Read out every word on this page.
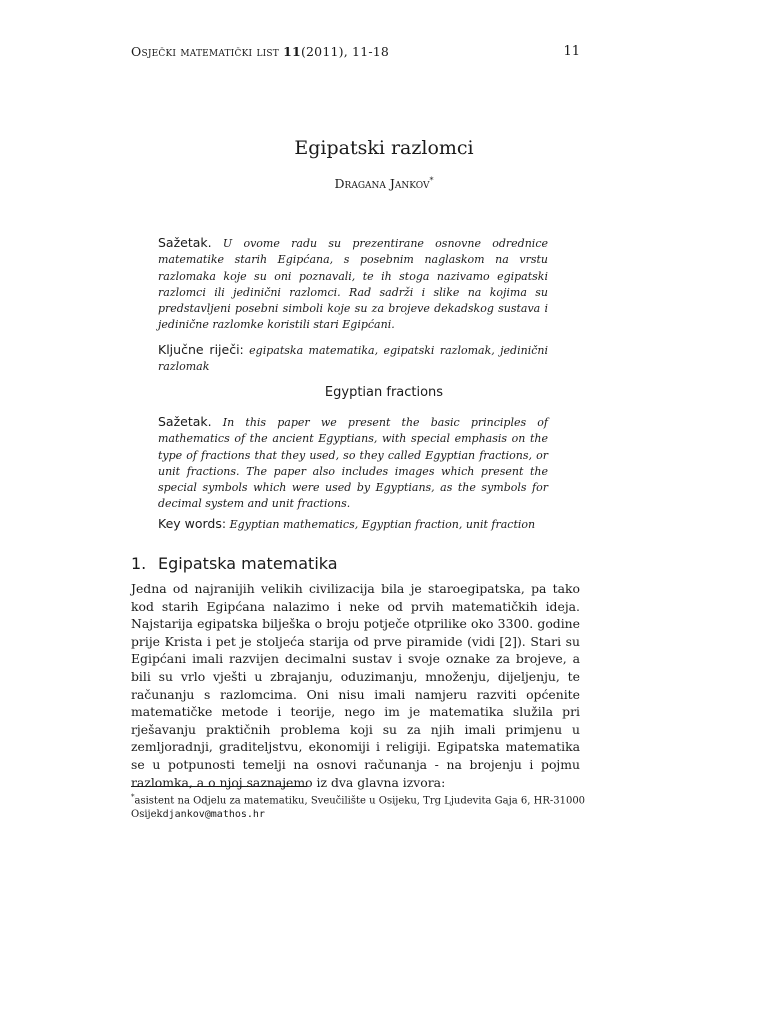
Osječki matematički list 11(2011), 11-18	11
Egipatski razlomci
Dragana Jankov*
Sažetak. U ovome radu su prezentirane osnovne odrednice matematike starih Egipćana, s posebnim naglaskom na vrstu razlomaka koje su oni poznavali, te ih stoga nazivamo egipatski razlomci ili jedinični razlomci. Rad sadrži i slike na kojima su predstavljeni posebni simboli koje su za brojeve dekadskog sustava i jedinične razlomke koristili stari Egipćani.
Ključne riječi: egipatska matematika, egipatski razlomak, jedinični razlomak
Egyptian fractions
Sažetak. In this paper we present the basic principles of mathematics of the ancient Egyptians, with special emphasis on the type of fractions that they used, so they called Egyptian fractions, or unit fractions. The paper also includes images which present the special symbols which were used by Egyptians, as the symbols for decimal system and unit fractions.
Key words: Egyptian mathematics, Egyptian fraction, unit fraction
1. Egipatska matematika
Jedna od najranijih velikih civilizacija bila je staroegipatska, pa tako kod starih Egipćana nalazimo i neke od prvih matematičkih ideja. Najstarija egipatska bilješka o broju potječe otprilike oko 3300. godine prije Krista i pet je stoljeća starija od prve piramide (vidi [2]). Stari su Egipćani imali razvijen decimalni sustav i svoje oznake za brojeve, a bili su vrlo vješti u zbrajanju, oduzimanju, množenju, dijeljenju, te računanju s razlomcima. Oni nisu imali namjeru razviti općenite matematičke metode i teorije, nego im je matematika služila pri rješavanju praktičnih problema koji su za njih imali primjenu u zemljoradnji, graditeljstvu, ekonomiji i religiji. Egipatska matematika se u potpunosti temelji na osnovi računanja - na brojenju i pojmu razlomka, a o njoj saznajemo iz dva glavna izvora:
*asistent na Odjelu za matematiku, Sveučilište u Osijeku, Trg Ljudevita Gaja 6, HR-31000 Osijekdjankov@mathos.hr
